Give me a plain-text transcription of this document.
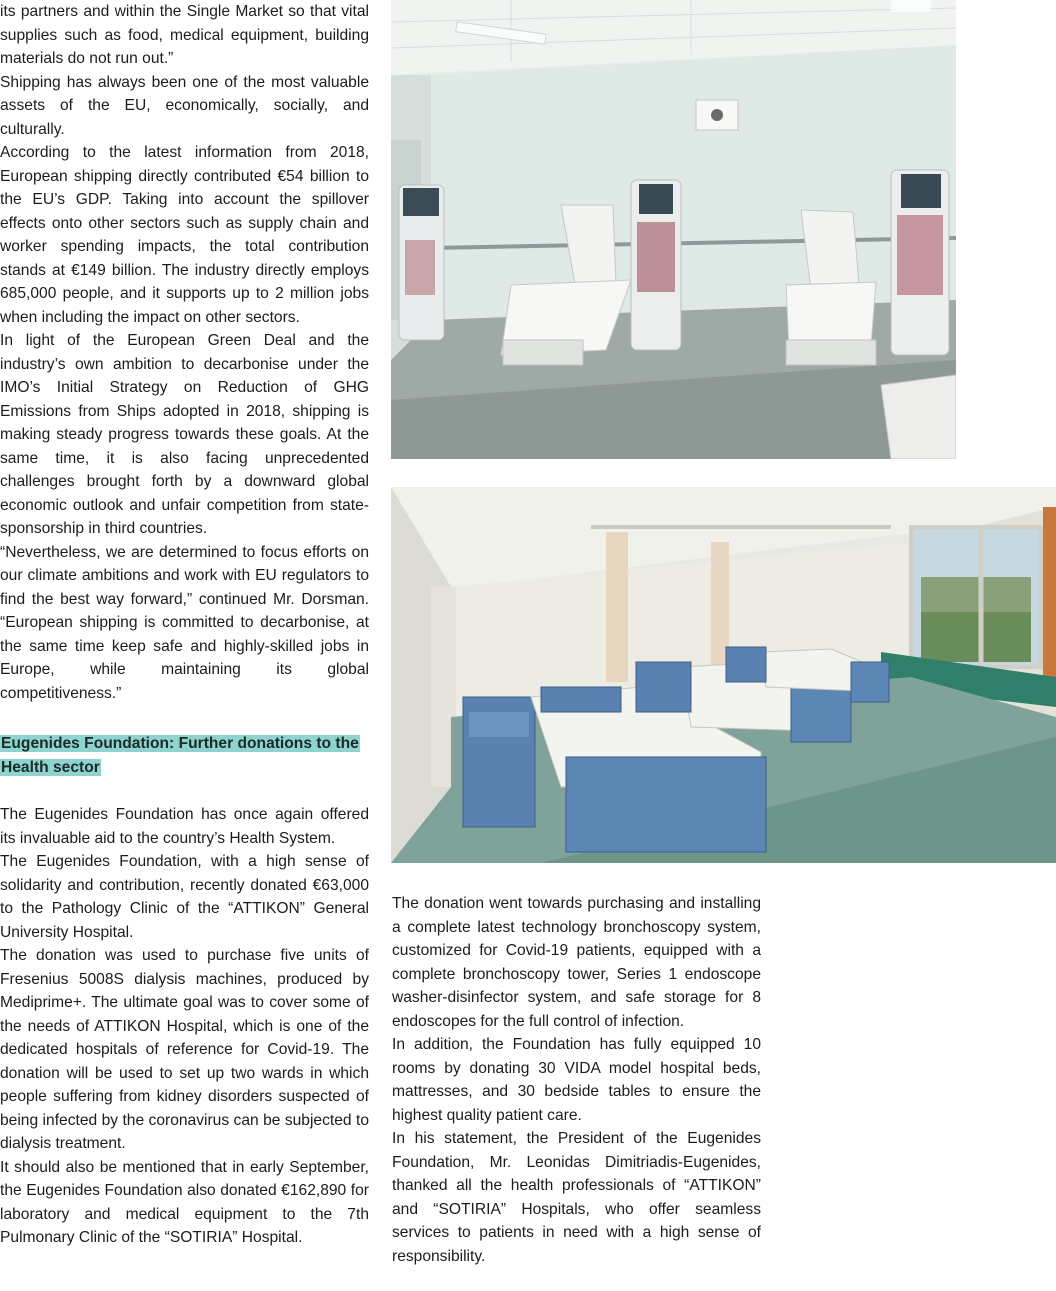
its partners and within the Single Market so that vital supplies such as food, medical equipment, building materials do not run out.”

Shipping has always been one of the most valuable assets of the EU, economically, socially, and culturally.

According to the latest information from 2018, European shipping directly contributed €54 billion to the EU’s GDP. Taking into account the spillover effects onto other sectors such as supply chain and worker spending impacts, the total contribution stands at €149 billion. The industry directly employs 685,000 people, and it supports up to 2 million jobs when including the impact on other sectors.

In light of the European Green Deal and the industry’s own ambition to decarbonise under the IMO’s Initial Strategy on Reduction of GHG Emissions from Ships adopted in 2018, shipping is making steady progress towards these goals. At the same time, it is also facing unprecedented challenges brought forth by a downward global economic outlook and unfair competition from state-sponsorship in third countries.

“Nevertheless, we are determined to focus efforts on our climate ambitions and work with EU regulators to find the best way forward,” continued Mr. Dorsman. “European shipping is committed to decarbonise, at the same time keep safe and highly-skilled jobs in Europe, while maintaining its global competitiveness.”

Eugenides Foundation: Further donations to the Health sector

The Eugenides Foundation has once again offered its invaluable aid to the country’s Health System.

The Eugenides Foundation, with a high sense of solidarity and contribution, recently donated €63,000 to the Pathology Clinic of the “ATTIKON” General University Hospital.

The donation was used to purchase five units of Fresenius 5008S dialysis machines, produced by Mediprime+. The ultimate goal was to cover some of the needs of ATTIKON Hospital, which is one of the dedicated hospitals of reference for Covid-19. The donation will be used to set up two wards in which people suffering from kidney disorders suspected of being infected by the coronavirus can be subjected to dialysis treatment.

It should also be mentioned that in early September, the Eugenides Foundation also donated €162,890 for laboratory and medical equipment to the 7th Pulmonary Clinic of the “SOTIRIA” Hospital.

The donation went towards purchasing and installing a complete latest technology bronchoscopy system, customized for Covid-19 patients, equipped with a complete bronchoscopy tower, Series 1 endoscope washer-disinfector system, and safe storage for 8 endoscopes for the full control of infection.

In addition, the Foundation has fully equipped 10 rooms by donating 30 VIDA model hospital beds, mattresses, and 30 bedside tables to ensure the highest quality patient care.

In his statement, the President of the Eugenides Foundation, Mr. Leonidas Dimitriadis-Eugenides, thanked all the health professionals of “ATTIKON” and “SOTIRIA” Hospitals, who offer seamless services to patients in need with a high sense of responsibility.
